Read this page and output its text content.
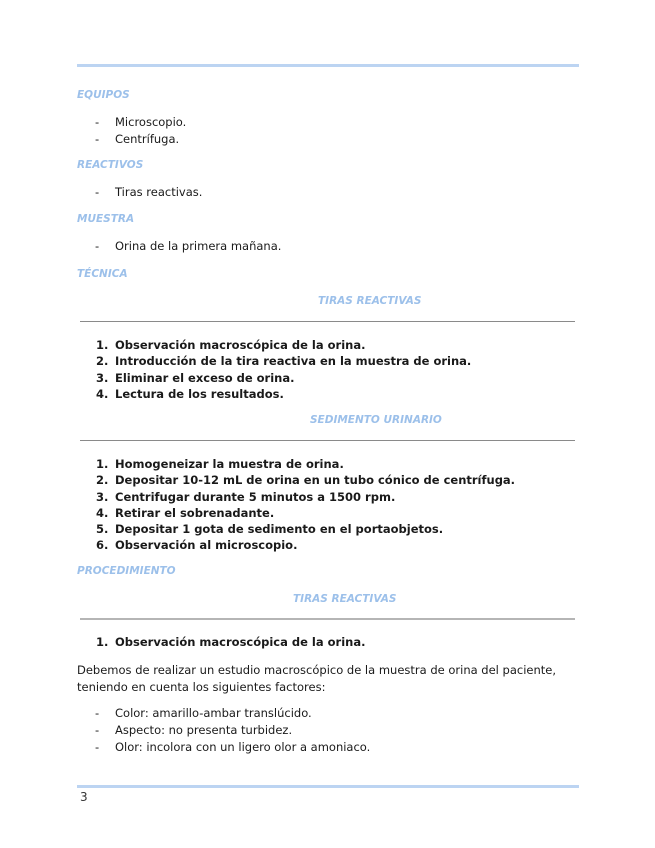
EQUIPOS
- Microscopio.
- Centrífuga.
REACTIVOS
- Tiras reactivas.
MUESTRA
- Orina de la primera mañana.
TÉCNICA
TIRAS REACTIVAS
1. Observación macroscópica de la orina.
2. Introducción de la tira reactiva en la muestra de orina.
3. Eliminar el exceso de orina.
4. Lectura de los resultados.
SEDIMENTO URINARIO
1. Homogeneizar la muestra de orina.
2. Depositar 10-12 mL de orina en un tubo cónico de centrífuga.
3. Centrifugar durante 5 minutos a 1500 rpm.
4. Retirar el sobrenadante.
5. Depositar 1 gota de sedimento en el portaobjetos.
6. Observación al microscopio.
PROCEDIMIENTO
TIRAS REACTIVAS
1. Observación macroscópica de la orina.

Debemos de realizar un estudio macroscópico de la muestra de orina del paciente, teniendo en cuenta los siguientes factores:

- Color: amarillo-ambar translúcido.
- Aspecto: no presenta turbidez.
- Olor: incolora con un ligero olor a amoniaco.
3
